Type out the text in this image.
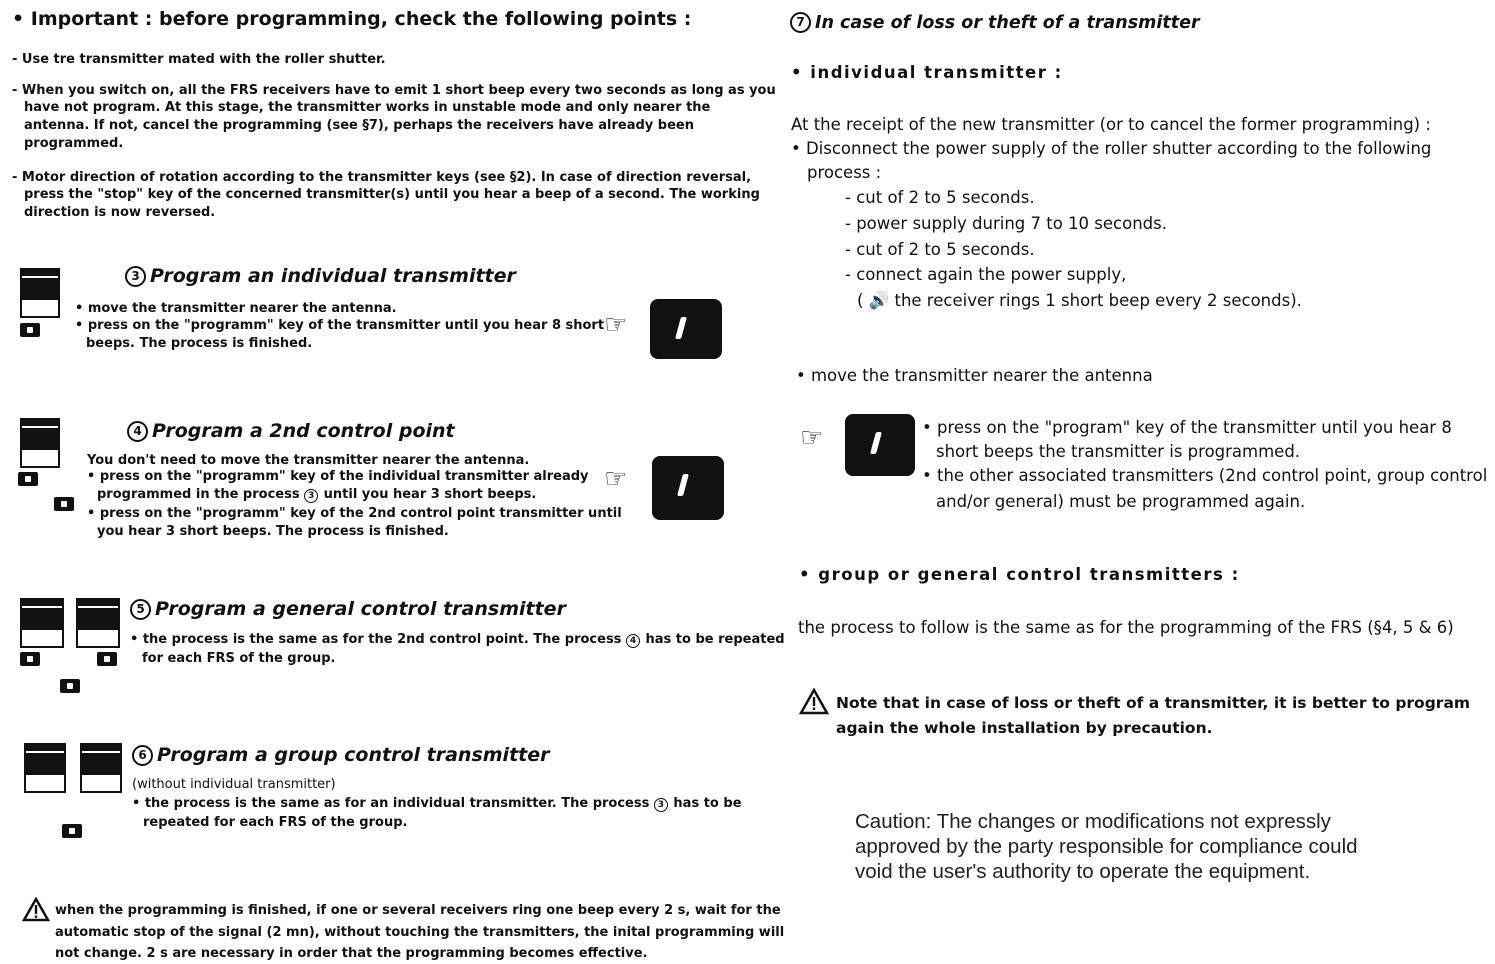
• Important : before programming, check the following points :
- Use tre transmitter mated with the roller shutter.
- When you switch on, all the FRS receivers have to emit 1 short beep every two seconds as long as you
have not program. At this stage, the transmitter works in unstable mode and only nearer the
antenna. If not, cancel the programming (see §7), perhaps the receivers have already been
programmed.
- Motor direction of rotation according to the transmitter keys (see §2). In case of direction reversal,
press the "stop" key of the concerned transmitter(s) until you hear a beep of a second. The working
direction is now reversed.
3 Program an individual transmitter
• move the transmitter nearer the antenna.
• press on the "programm" key of the transmitter until you hear 8 short
beeps. The process is finished.
☞
4 Program a 2nd control point
You don't need to move the transmitter nearer the antenna.
• press on the "programm" key of the individual transmitter already
programmed in the process 3 until you hear 3 short beeps.
• press on the "programm" key of the 2nd control point transmitter until
you hear 3 short beeps. The process is finished.
☞
5 Program a general control transmitter
• the process is the same as for the 2nd control point. The process 4 has to be repeated
for each FRS of the group.
6 Program a group control transmitter
(without individual transmitter)
• the process is the same as for an individual transmitter. The process 3 has to be
repeated for each FRS of the group.
when the programming is finished, if one or several receivers ring one beep every 2 s, wait for the
automatic stop of the signal (2 mn), without touching the transmitters, the inital programming will
not change. 2 s are necessary in order that the programming becomes effective.
7 In case of loss or theft of a transmitter
• individual transmitter :
At the receipt of the new transmitter (or to cancel the former programming) :
• Disconnect the power supply of the roller shutter according to the following
process :
- cut of 2 to 5 seconds.
- power supply during 7 to 10 seconds.
- cut of 2 to 5 seconds.
- connect again the power supply,
( 🔊 the receiver rings 1 short beep every 2 seconds).
• move the transmitter nearer the antenna
☞	• press on the "program" key of the transmitter until you hear 8
short beeps the transmitter is programmed.
• the other associated transmitters (2nd control point, group control
and/or general) must be programmed again.
• group or general control transmitters :
the process to follow is the same as for the programming of the FRS (§4, 5 & 6)
Note that in case of loss or theft of a transmitter, it is better to program
again the whole installation by precaution.
Caution: The changes or modifications not expressly
approved by the party responsible for compliance could
void the user's authority to operate the equipment.
